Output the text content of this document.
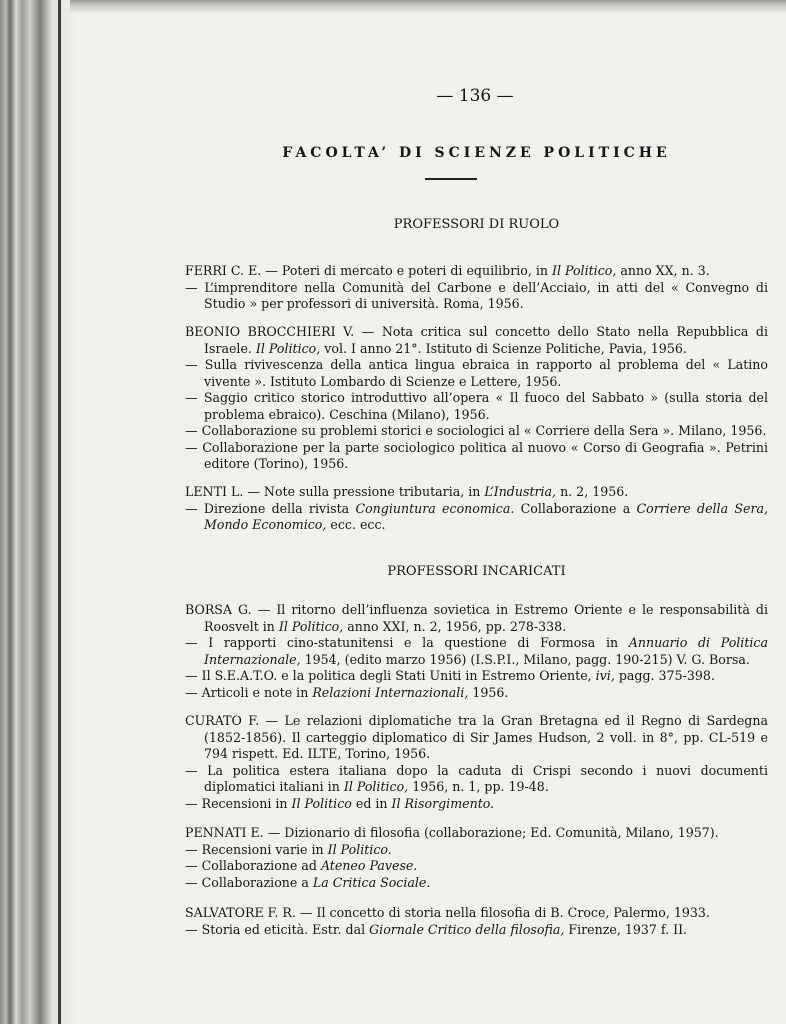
— 136 —
FACOLTA’ DI SCIENZE POLITICHE
PROFESSORI DI RUOLO

FERRI C. E. — Poteri di mercato e poteri di equilibrio, in Il Politico, anno XX, n. 3.

— L’imprenditore nella Comunità del Carbone e dell’Acciaio, in atti del « Convegno di Studio » per professori di università. Roma, 1956.

BEONIO BROCCHIERI V. — Nota critica sul concetto dello Stato nella Repubblica di Israele. Il Politico, vol. I anno 21°. Istituto di Scienze Politiche, Pavia, 1956.

— Sulla rivivescenza della antica lingua ebraica in rapporto al problema del « Latino vivente ». Istituto Lombardo di Scienze e Lettere, 1956.

— Saggio critico storico introduttivo all’opera « Il fuoco del Sabbato » (sulla storia del problema ebraico). Ceschina (Milano), 1956.

— Collaborazione su problemi storici e sociologici al « Corriere della Sera ». Milano, 1956.

— Collaborazione per la parte sociologico politica al nuovo « Corso di Geografia ». Petrini editore (Torino), 1956.

LENTI L. — Note sulla pressione tributaria, in L’Industria, n. 2, 1956.

— Direzione della rivista Congiuntura economica. Collaborazione a Corriere della Sera, Mondo Economico, ecc. ecc.

PROFESSORI INCARICATI

BORSA G. — Il ritorno dell’influenza sovietica in Estremo Oriente e le responsabilità di Roosvelt in Il Politico, anno XXI, n. 2, 1956, pp. 278-338.

— I rapporti cino-statunitensi e la questione di Formosa in Annuario di Politica Internazionale, 1954, (edito marzo 1956) (I.S.P.I., Milano, pagg. 190-215) V. G. Borsa.

— Il S.E.A.T.O. e la politica degli Stati Uniti in Estremo Oriente, ivi, pagg. 375-398.

— Articoli e note in Relazioni Internazionali, 1956.

CURATO F. — Le relazioni diplomatiche tra la Gran Bretagna ed il Regno di Sardegna (1852-1856). Il carteggio diplomatico di Sir James Hudson, 2 voll. in 8°, pp. CL-519 e 794 rispett. Ed. ILTE, Torino, 1956.

— La politica estera italiana dopo la caduta di Crispi secondo i nuovi documenti diplomatici italiani in Il Politico, 1956, n. 1, pp. 19-48.

— Recensioni in Il Politico ed in Il Risorgimento.

PENNATI E. — Dizionario di filosofia (collaborazione; Ed. Comunità, Milano, 1957).

— Recensioni varie in Il Politico.

— Collaborazione ad Ateneo Pavese.

— Collaborazione a La Critica Sociale.

SALVATORE F. R. — Il concetto di storia nella filosofia di B. Croce, Palermo, 1933.

— Storia ed eticità. Estr. dal Giornale Critico della filosofia, Firenze, 1937 f. II.
